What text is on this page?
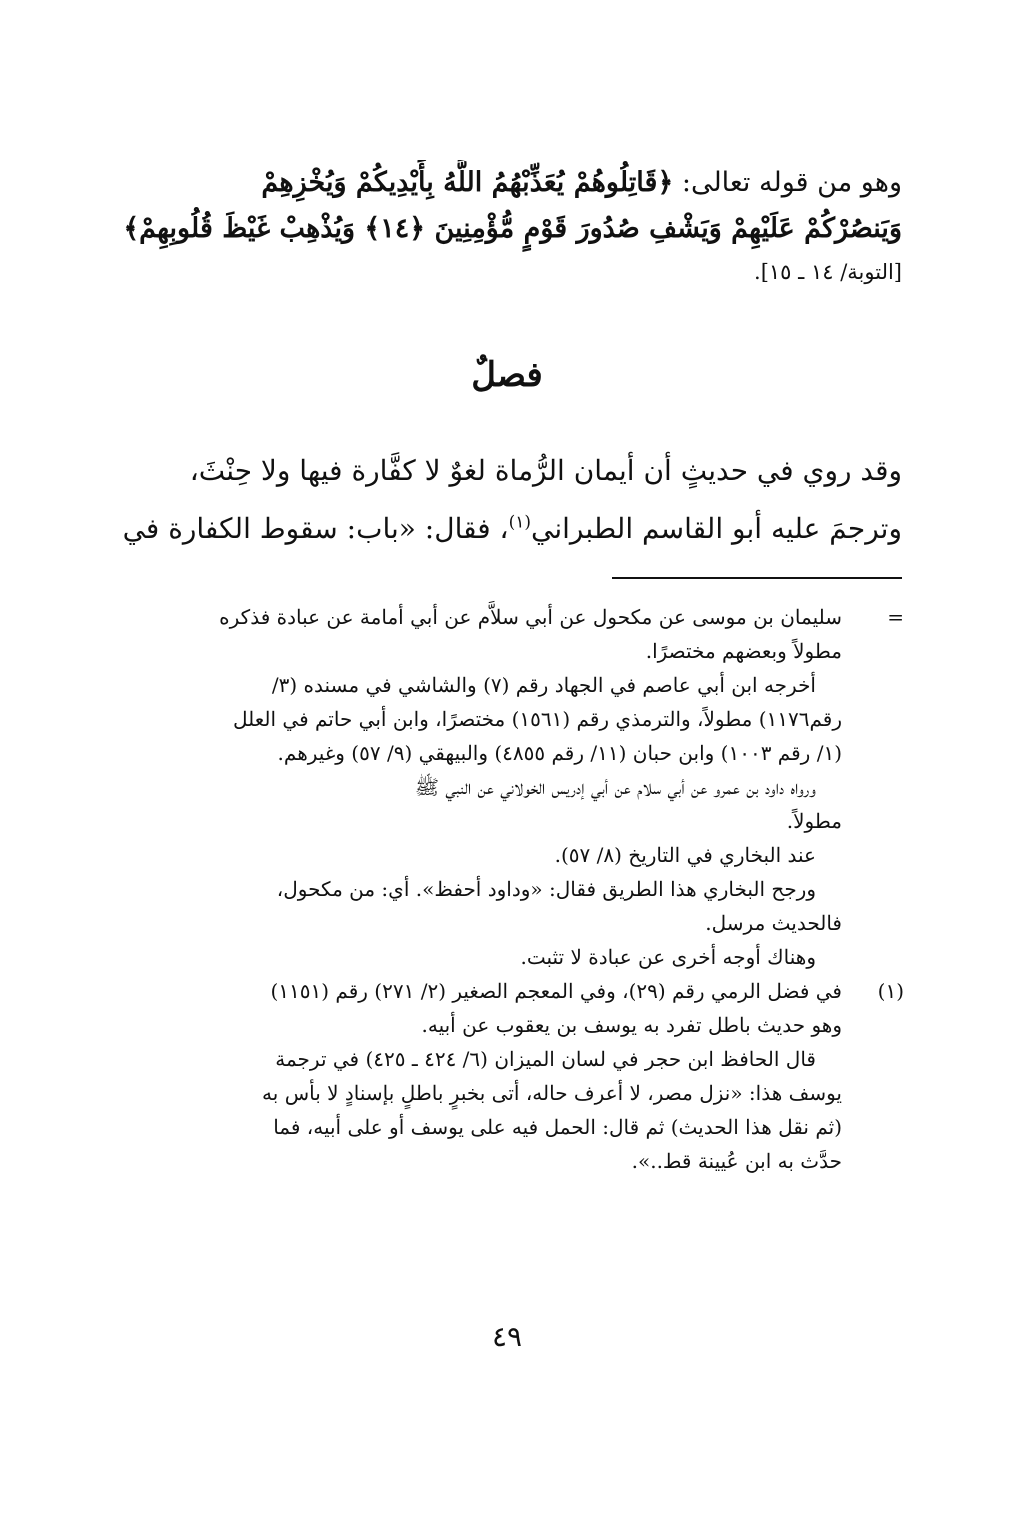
وهو من قوله تعالى: ﴿قَاتِلُوهُمْ يُعَذِّبْهُمُ اللَّهُ بِأَيْدِيكُمْ وَيُخْزِهِمْ
وَيَنصُرْكُمْ عَلَيْهِمْ وَيَشْفِ صُدُورَ قَوْمٍ مُّؤْمِنِينَ ﴿١٤﴾ وَيُذْهِبْ غَيْظَ قُلُوبِهِمْ﴾
[التوبة/ ١٤ ـ ١٥].
فصلٌ
وقد روي في حديثٍ أن أيمان الرُّماة لغوٌ لا كفَّارة فيها ولا حِنْثَ،
وترجمَ عليه أبو القاسم الطبراني$^{(١)}$، فقال: «باب: سقوط الكفارة في
=
سليمان بن موسى عن مكحول عن أبي سلاَّم عن أبي أمامة عن عبادة فذكره
مطولاً وبعضهم مختصرًا.
أخرجه ابن أبي عاصم في الجهاد رقم (٧) والشاشي في مسنده (٣/
رقم١١٧٦) مطولاً، والترمذي رقم (١٥٦١) مختصرًا، وابن أبي حاتم في العلل
(١/ رقم ١٠٠٣) وابن حبان (١١/ رقم ٤٨٥٥) والبيهقي (٩/ ٥٧) وغيرهم.
ورواه داود بن عمرو عن أبي سلام عن أبي إدريس الخولاني عن النبي ﷺ
مطولاً.
عند البخاري في التاريخ (٨/ ٥٧).
ورجح البخاري هذا الطريق فقال: «وداود أحفظ». أي: من مكحول،
فالحديث مرسل.
وهناك أوجه أخرى عن عبادة لا تثبت.
(١)
في فضل الرمي رقم (٢٩)، وفي المعجم الصغير (٢/ ٢٧١) رقم (١١٥١)
وهو حديث باطل تفرد به يوسف بن يعقوب عن أبيه.
قال الحافظ ابن حجر في لسان الميزان (٦/ ٤٢٤ ـ ٤٢٥) في ترجمة
يوسف هذا: «نزل مصر، لا أعرف حاله، أتى بخبرٍ باطلٍ بإسنادٍ لا بأس به
(ثم نقل هذا الحديث) ثم قال: الحمل فيه على يوسف أو على أبيه، فما
حدَّث به ابن عُيينة قط..».
٤٩
